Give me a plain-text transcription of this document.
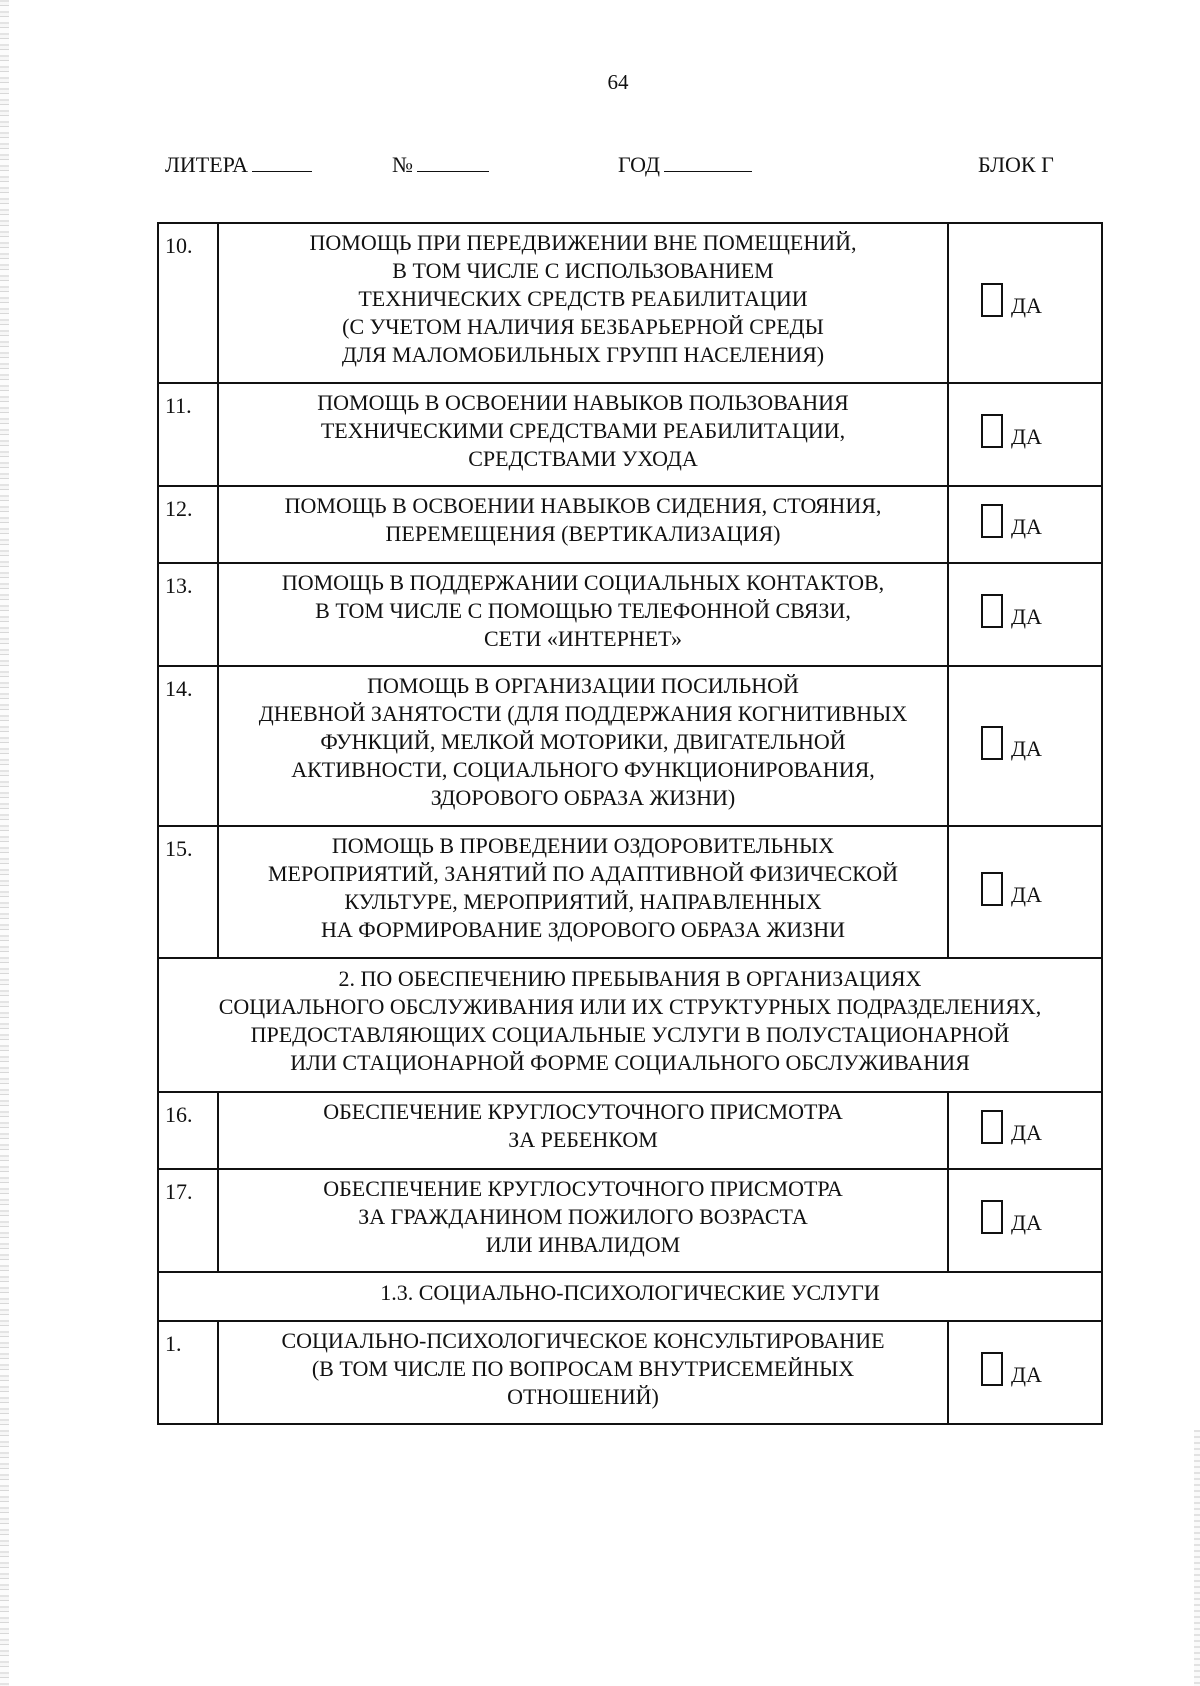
64
ЛИТЕРА	№	ГОД	БЛОК Г
10.	ПОМОЩЬ ПРИ ПЕРЕДВИЖЕНИИ ВНЕ ПОМЕЩЕНИЙ,
В ТОМ ЧИСЛЕ С ИСПОЛЬЗОВАНИЕМ
ТЕХНИЧЕСКИХ СРЕДСТВ РЕАБИЛИТАЦИИ
(С УЧЕТОМ НАЛИЧИЯ БЕЗБАРЬЕРНОЙ СРЕДЫ
ДЛЯ МАЛОМОБИЛЬНЫХ ГРУПП НАСЕЛЕНИЯ)	ДА

11.	ПОМОЩЬ В ОСВОЕНИИ НАВЫКОВ ПОЛЬЗОВАНИЯ
ТЕХНИЧЕСКИМИ СРЕДСТВАМИ РЕАБИЛИТАЦИИ,
СРЕДСТВАМИ УХОДА	ДА

12.	ПОМОЩЬ В ОСВОЕНИИ НАВЫКОВ СИДЕНИЯ, СТОЯНИЯ,
ПЕРЕМЕЩЕНИЯ (ВЕРТИКАЛИЗАЦИЯ)	ДА

13.	ПОМОЩЬ В ПОДДЕРЖАНИИ СОЦИАЛЬНЫХ КОНТАКТОВ,
В ТОМ ЧИСЛЕ С ПОМОЩЬЮ ТЕЛЕФОННОЙ СВЯЗИ,
СЕТИ «ИНТЕРНЕТ»	ДА

14.	ПОМОЩЬ В ОРГАНИЗАЦИИ ПОСИЛЬНОЙ
ДНЕВНОЙ ЗАНЯТОСТИ (ДЛЯ ПОДДЕРЖАНИЯ КОГНИТИВНЫХ
ФУНКЦИЙ, МЕЛКОЙ МОТОРИКИ, ДВИГАТЕЛЬНОЙ
АКТИВНОСТИ, СОЦИАЛЬНОГО ФУНКЦИОНИРОВАНИЯ,
ЗДОРОВОГО ОБРАЗА ЖИЗНИ)	ДА

15.	ПОМОЩЬ В ПРОВЕДЕНИИ ОЗДОРОВИТЕЛЬНЫХ
МЕРОПРИЯТИЙ, ЗАНЯТИЙ ПО АДАПТИВНОЙ ФИЗИЧЕСКОЙ
КУЛЬТУРЕ, МЕРОПРИЯТИЙ, НАПРАВЛЕННЫХ
НА ФОРМИРОВАНИЕ ЗДОРОВОГО ОБРАЗА ЖИЗНИ	ДА

2. ПО ОБЕСПЕЧЕНИЮ ПРЕБЫВАНИЯ В ОРГАНИЗАЦИЯХ
СОЦИАЛЬНОГО ОБСЛУЖИВАНИЯ ИЛИ ИХ СТРУКТУРНЫХ ПОДРАЗДЕЛЕНИЯХ,
ПРЕДОСТАВЛЯЮЩИХ СОЦИАЛЬНЫЕ УСЛУГИ В ПОЛУСТАЦИОНАРНОЙ
ИЛИ СТАЦИОНАРНОЙ ФОРМЕ СОЦИАЛЬНОГО ОБСЛУЖИВАНИЯ		
16.	ОБЕСПЕЧЕНИЕ КРУГЛОСУТОЧНОГО ПРИСМОТРА
ЗА РЕБЕНКОМ	ДА

17.	ОБЕСПЕЧЕНИЕ КРУГЛОСУТОЧНОГО ПРИСМОТРА
ЗА ГРАЖДАНИНОМ ПОЖИЛОГО ВОЗРАСТА
ИЛИ ИНВАЛИДОМ	ДА

1.3. СОЦИАЛЬНО-ПСИХОЛОГИЧЕСКИЕ УСЛУГИ		
1.	СОЦИАЛЬНО-ПСИХОЛОГИЧЕСКОЕ КОНСУЛЬТИРОВАНИЕ
(В ТОМ ЧИСЛЕ ПО ВОПРОСАМ ВНУТРИСЕМЕЙНЫХ
ОТНОШЕНИЙ)	ДА
